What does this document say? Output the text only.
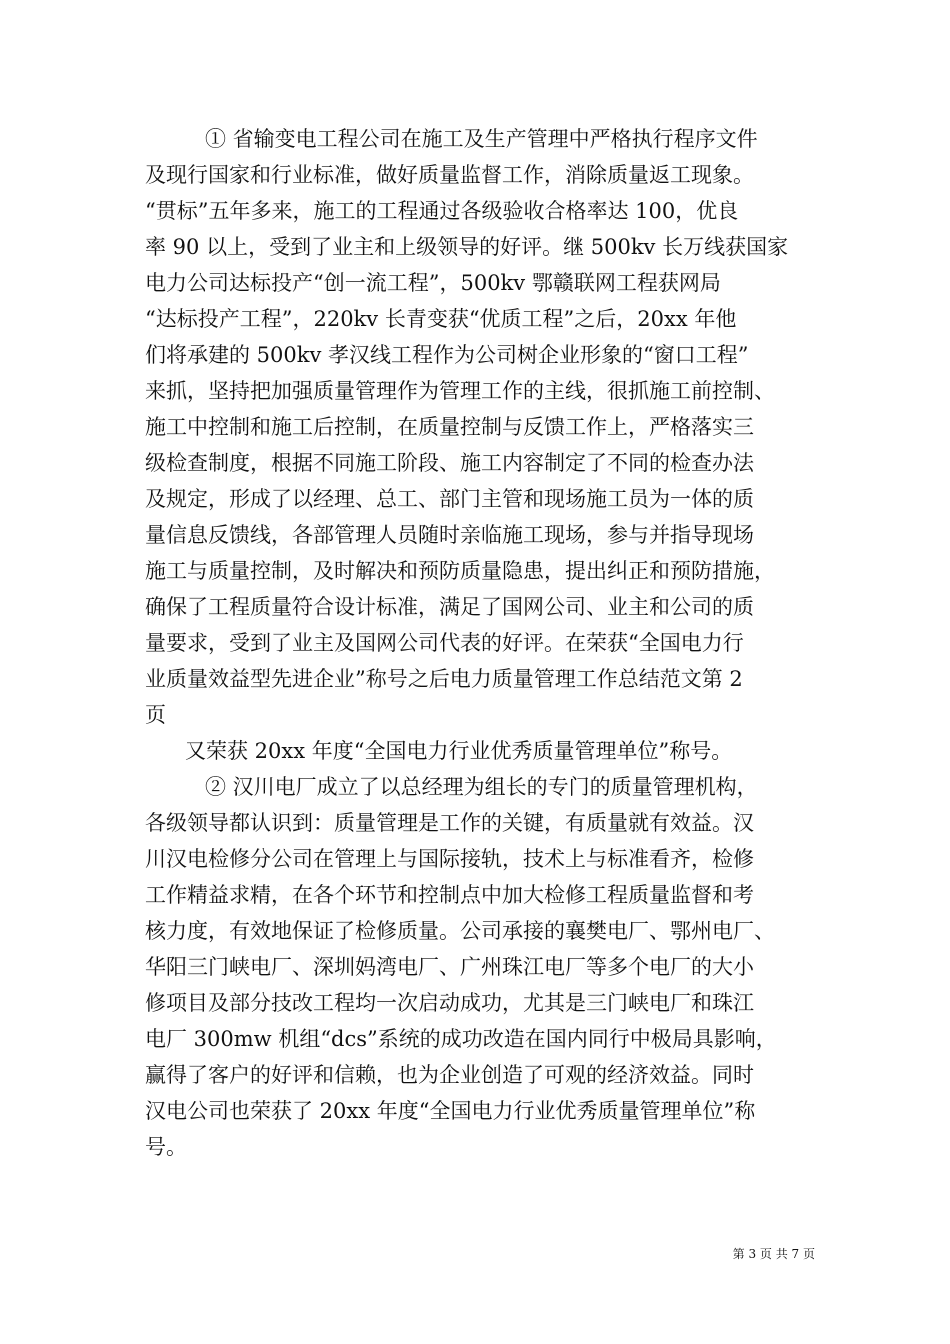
① 省输变电工程公司在施工及生产管理中严格执行程序文件
及现行国家和行业标准，做好质量监督工作，消除质量返工现象。
“贯标”五年多来，施工的工程通过各级验收合格率达 100，优良
率 90 以上，受到了业主和上级领导的好评。继 500kv 长万线获国家
电力公司达标投产“创一流工程”，500kv 鄂赣联网工程获网局
“达标投产工程”，220kv 长青变获“优质工程”之后，20xx 年他
们将承建的 500kv 孝汉线工程作为公司树企业形象的“窗口工程”
来抓，坚持把加强质量管理作为管理工作的主线，很抓施工前控制、
施工中控制和施工后控制，在质量控制与反馈工作上，严格落实三
级检查制度，根据不同施工阶段、施工内容制定了不同的检查办法
及规定，形成了以经理、总工、部门主管和现场施工员为一体的质
量信息反馈线，各部管理人员随时亲临施工现场，参与并指导现场
施工与质量控制，及时解决和预防质量隐患，提出纠正和预防措施，
确保了工程质量符合设计标准，满足了国网公司、业主和公司的质
量要求，受到了业主及国网公司代表的好评。在荣获“全国电力行
业质量效益型先进企业”称号之后电力质量管理工作总结范文第 2
页
又荣获 20xx 年度“全国电力行业优秀质量管理单位”称号。
② 汉川电厂成立了以总经理为组长的专门的质量管理机构，
各级领导都认识到：质量管理是工作的关键，有质量就有效益。汉
川汉电检修分公司在管理上与国际接轨，技术上与标准看齐，检修
工作精益求精，在各个环节和控制点中加大检修工程质量监督和考
核力度，有效地保证了检修质量。公司承接的襄樊电厂、鄂州电厂、
华阳三门峡电厂、深圳妈湾电厂、广州珠江电厂等多个电厂的大小
修项目及部分技改工程均一次启动成功，尤其是三门峡电厂和珠江
电厂 300mw 机组“dcs”系统的成功改造在国内同行中极局具影响，
赢得了客户的好评和信赖，也为企业创造了可观的经济效益。同时
汉电公司也荣获了 20xx 年度“全国电力行业优秀质量管理单位”称
号。
第 3 页 共 7 页
